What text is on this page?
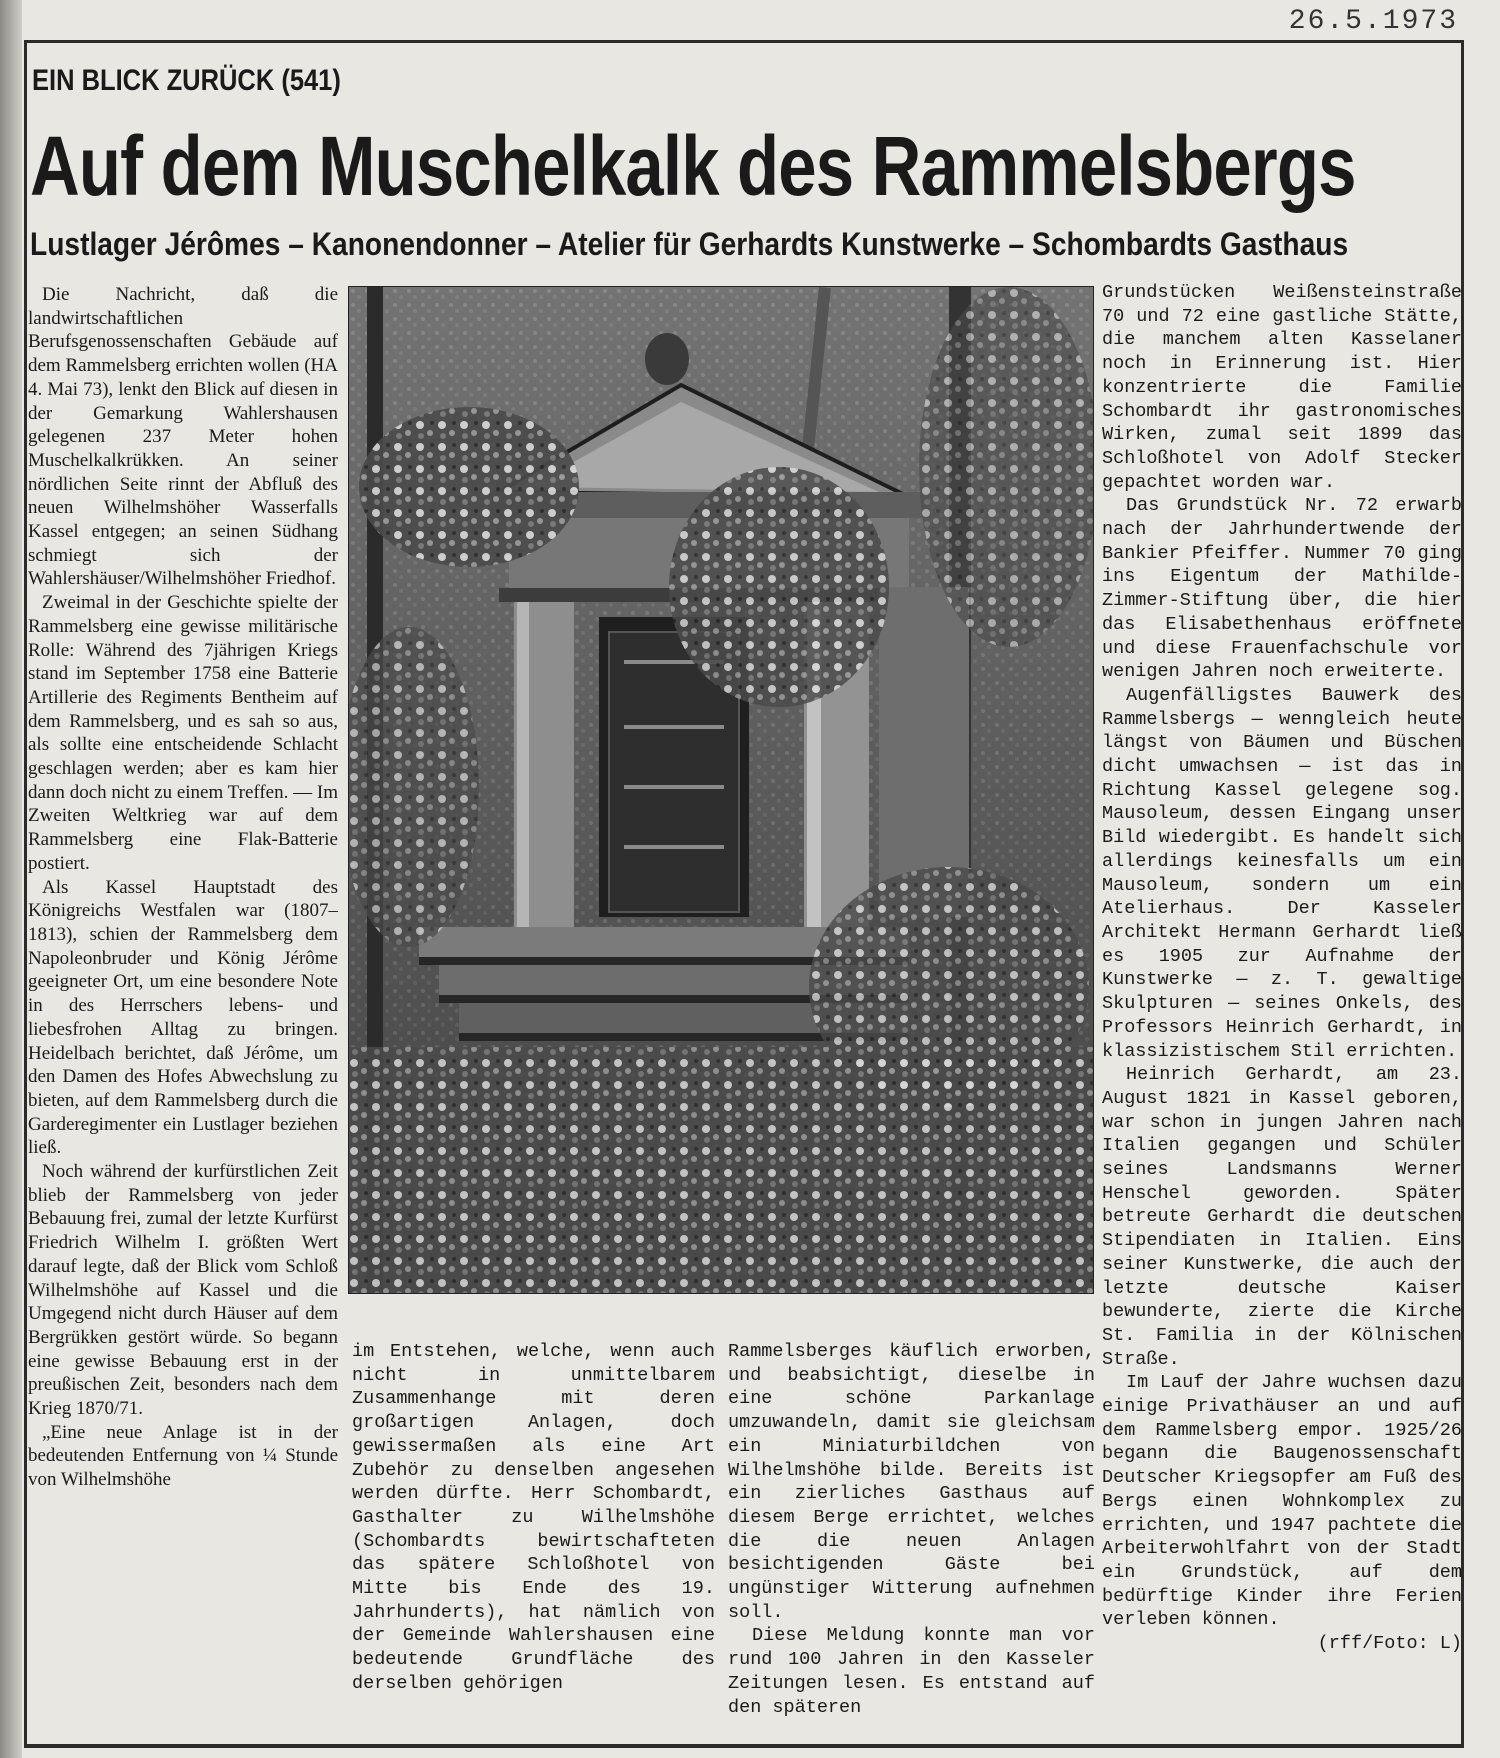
26.5.1973
EIN BLICK ZURÜCK (541)
Auf dem Muschelkalk des Rammelsbergs
Lustlager Jérômes – Kanonendonner – Atelier für Gerhardts Kunstwerke – Schombardts Gasthaus

Die Nachricht, daß die landwirtschaftlichen Berufsgenossenschaften Gebäude auf dem Rammelsberg errichten wollen (HA 4. Mai 73), lenkt den Blick auf diesen in der Gemarkung Wahlershausen gelegenen 237 Meter hohen Muschelkalkrükken. An seiner nördlichen Seite rinnt der Abfluß des neuen Wilhelmshöher Wasserfalls Kassel entgegen; an seinen Südhang schmiegt sich der Wahlershäuser/Wilhelmshöher Friedhof.

Zweimal in der Geschichte spielte der Rammelsberg eine gewisse militärische Rolle: Während des 7jährigen Kriegs stand im September 1758 eine Batterie Artillerie des Regiments Bentheim auf dem Rammelsberg, und es sah so aus, als sollte eine entscheidende Schlacht geschlagen werden; aber es kam hier dann doch nicht zu einem Treffen. — Im Zweiten Weltkrieg war auf dem Rammelsberg eine Flak-Batterie postiert.

Als Kassel Hauptstadt des Königreichs Westfalen war (1807–1813), schien der Rammelsberg dem Napoleonbruder und König Jérôme geeigneter Ort, um eine besondere Note in des Herrschers lebens- und liebesfrohen Alltag zu bringen. Heidelbach berichtet, daß Jérôme, um den Damen des Hofes Abwechslung zu bieten, auf dem Rammelsberg durch die Garderegimenter ein Lustlager beziehen ließ.

Noch während der kurfürstlichen Zeit blieb der Rammelsberg von jeder Bebauung frei, zumal der letzte Kurfürst Friedrich Wilhelm I. größten Wert darauf legte, daß der Blick vom Schloß Wilhelmshöhe auf Kassel und die Umgegend nicht durch Häuser auf dem Bergrükken gestört würde. So begann eine gewisse Bebauung erst in der preußischen Zeit, besonders nach dem Krieg 1870/71.

„Eine neue Anlage ist in der bedeutenden Entfernung von ¼ Stunde von Wilhelmshöhe

im Entstehen, welche, wenn auch nicht in unmittelbarem Zusammenhange mit deren großartigen Anlagen, doch gewissermaßen als eine Art Zubehör zu denselben angesehen werden dürfte. Herr Schombardt, Gasthalter zu Wilhelmshöhe (Schombardts bewirtschafteten das spätere Schloßhotel von Mitte bis Ende des 19. Jahrhunderts), hat nämlich von der Gemeinde Wahlershausen eine bedeutende Grundfläche des derselben gehörigen

Rammelsberges käuflich erworben, und beabsichtigt, dieselbe in eine schöne Parkanlage umzuwandeln, damit sie gleichsam ein Miniaturbildchen von Wilhelmshöhe bilde. Bereits ist ein zierliches Gasthaus auf diesem Berge errichtet, welches die die neuen Anlagen besichtigenden Gäste bei ungünstiger Witterung aufnehmen soll.

Diese Meldung konnte man vor rund 100 Jahren in den Kasseler Zeitungen lesen. Es entstand auf den späteren

Grundstücken Weißensteinstraße 70 und 72 eine gastliche Stätte, die manchem alten Kasselaner noch in Erinnerung ist. Hier konzentrierte die Familie Schombardt ihr gastronomisches Wirken, zumal seit 1899 das Schloßhotel von Adolf Stecker gepachtet worden war.

Das Grundstück Nr. 72 erwarb nach der Jahrhundertwende der Bankier Pfeiffer. Nummer 70 ging ins Eigentum der Mathilde-Zimmer-Stiftung über, die hier das Elisabethenhaus eröffnete und diese Frauenfachschule vor wenigen Jahren noch erweiterte.

Augenfälligstes Bauwerk des Rammelsbergs — wenngleich heute längst von Bäumen und Büschen dicht umwachsen — ist das in Richtung Kassel gelegene sog. Mausoleum, dessen Eingang unser Bild wiedergibt. Es handelt sich allerdings keinesfalls um ein Mausoleum, sondern um ein Atelierhaus. Der Kasseler Architekt Hermann Gerhardt ließ es 1905 zur Aufnahme der Kunstwerke — z. T. gewaltige Skulpturen — seines Onkels, des Professors Heinrich Gerhardt, in klassizistischem Stil errichten.

Heinrich Gerhardt, am 23. August 1821 in Kassel geboren, war schon in jungen Jahren nach Italien gegangen und Schüler seines Landsmanns Werner Henschel geworden. Später betreute Gerhardt die deutschen Stipendiaten in Italien. Eins seiner Kunstwerke, die auch der letzte deutsche Kaiser bewunderte, zierte die Kirche St. Familia in der Kölnischen Straße.

Im Lauf der Jahre wuchsen dazu einige Privathäuser an und auf dem Rammelsberg empor. 1925/26 begann die Baugenossenschaft Deutscher Kriegsopfer am Fuß des Bergs einen Wohnkomplex zu errichten, und 1947 pachtete die Arbeiterwohlfahrt von der Stadt ein Grundstück, auf dem bedürftige Kinder ihre Ferien verleben können.

(rff/Foto: L)
